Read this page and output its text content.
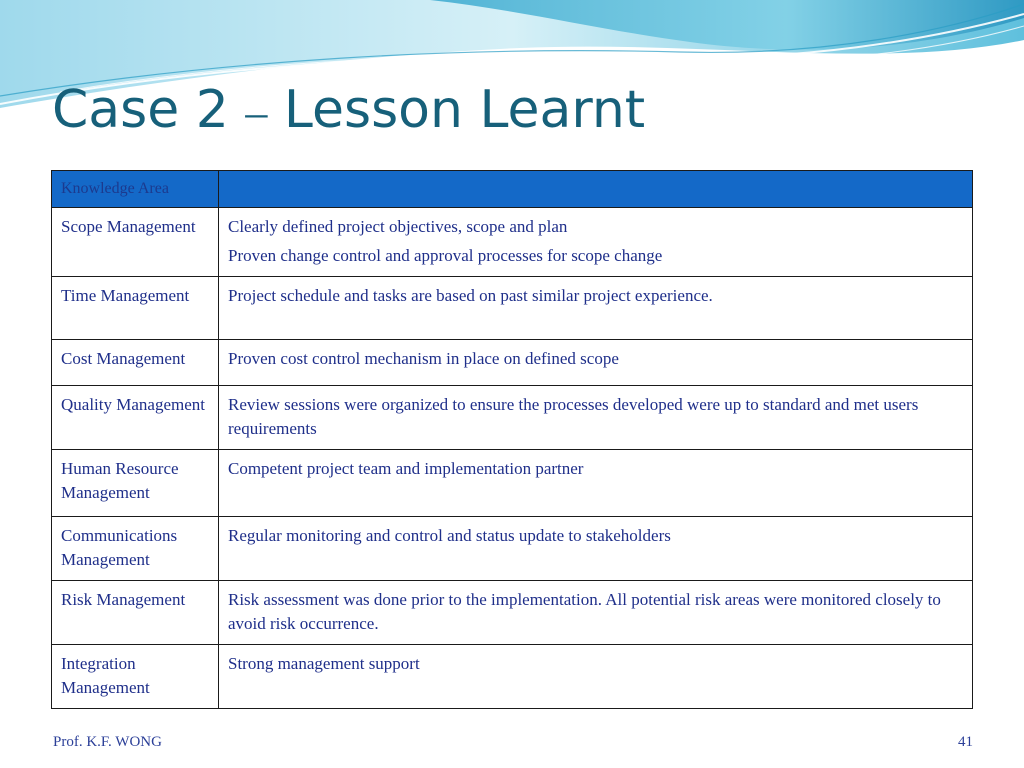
Case 2 – Lesson Learnt
Knowledge Area	
Scope Management	Clearly defined project objectives, scope and plan

Proven change control and approval processes for scope change

Time Management	Project schedule and tasks are based on past similar project experience.

Cost Management	Proven cost control mechanism in place on defined scope

Quality Management	Review sessions were organized to ensure the processes developed were up to standard and met users requirements

Human Resource Management	Competent project team and implementation partner

Communications Management	Regular monitoring and control and status update to stakeholders

Risk Management	Risk assessment was done prior to the implementation. All potential risk areas were monitored closely to avoid risk occurrence.

Integration Management	Strong management support

Prof. K.F. WONG	41
